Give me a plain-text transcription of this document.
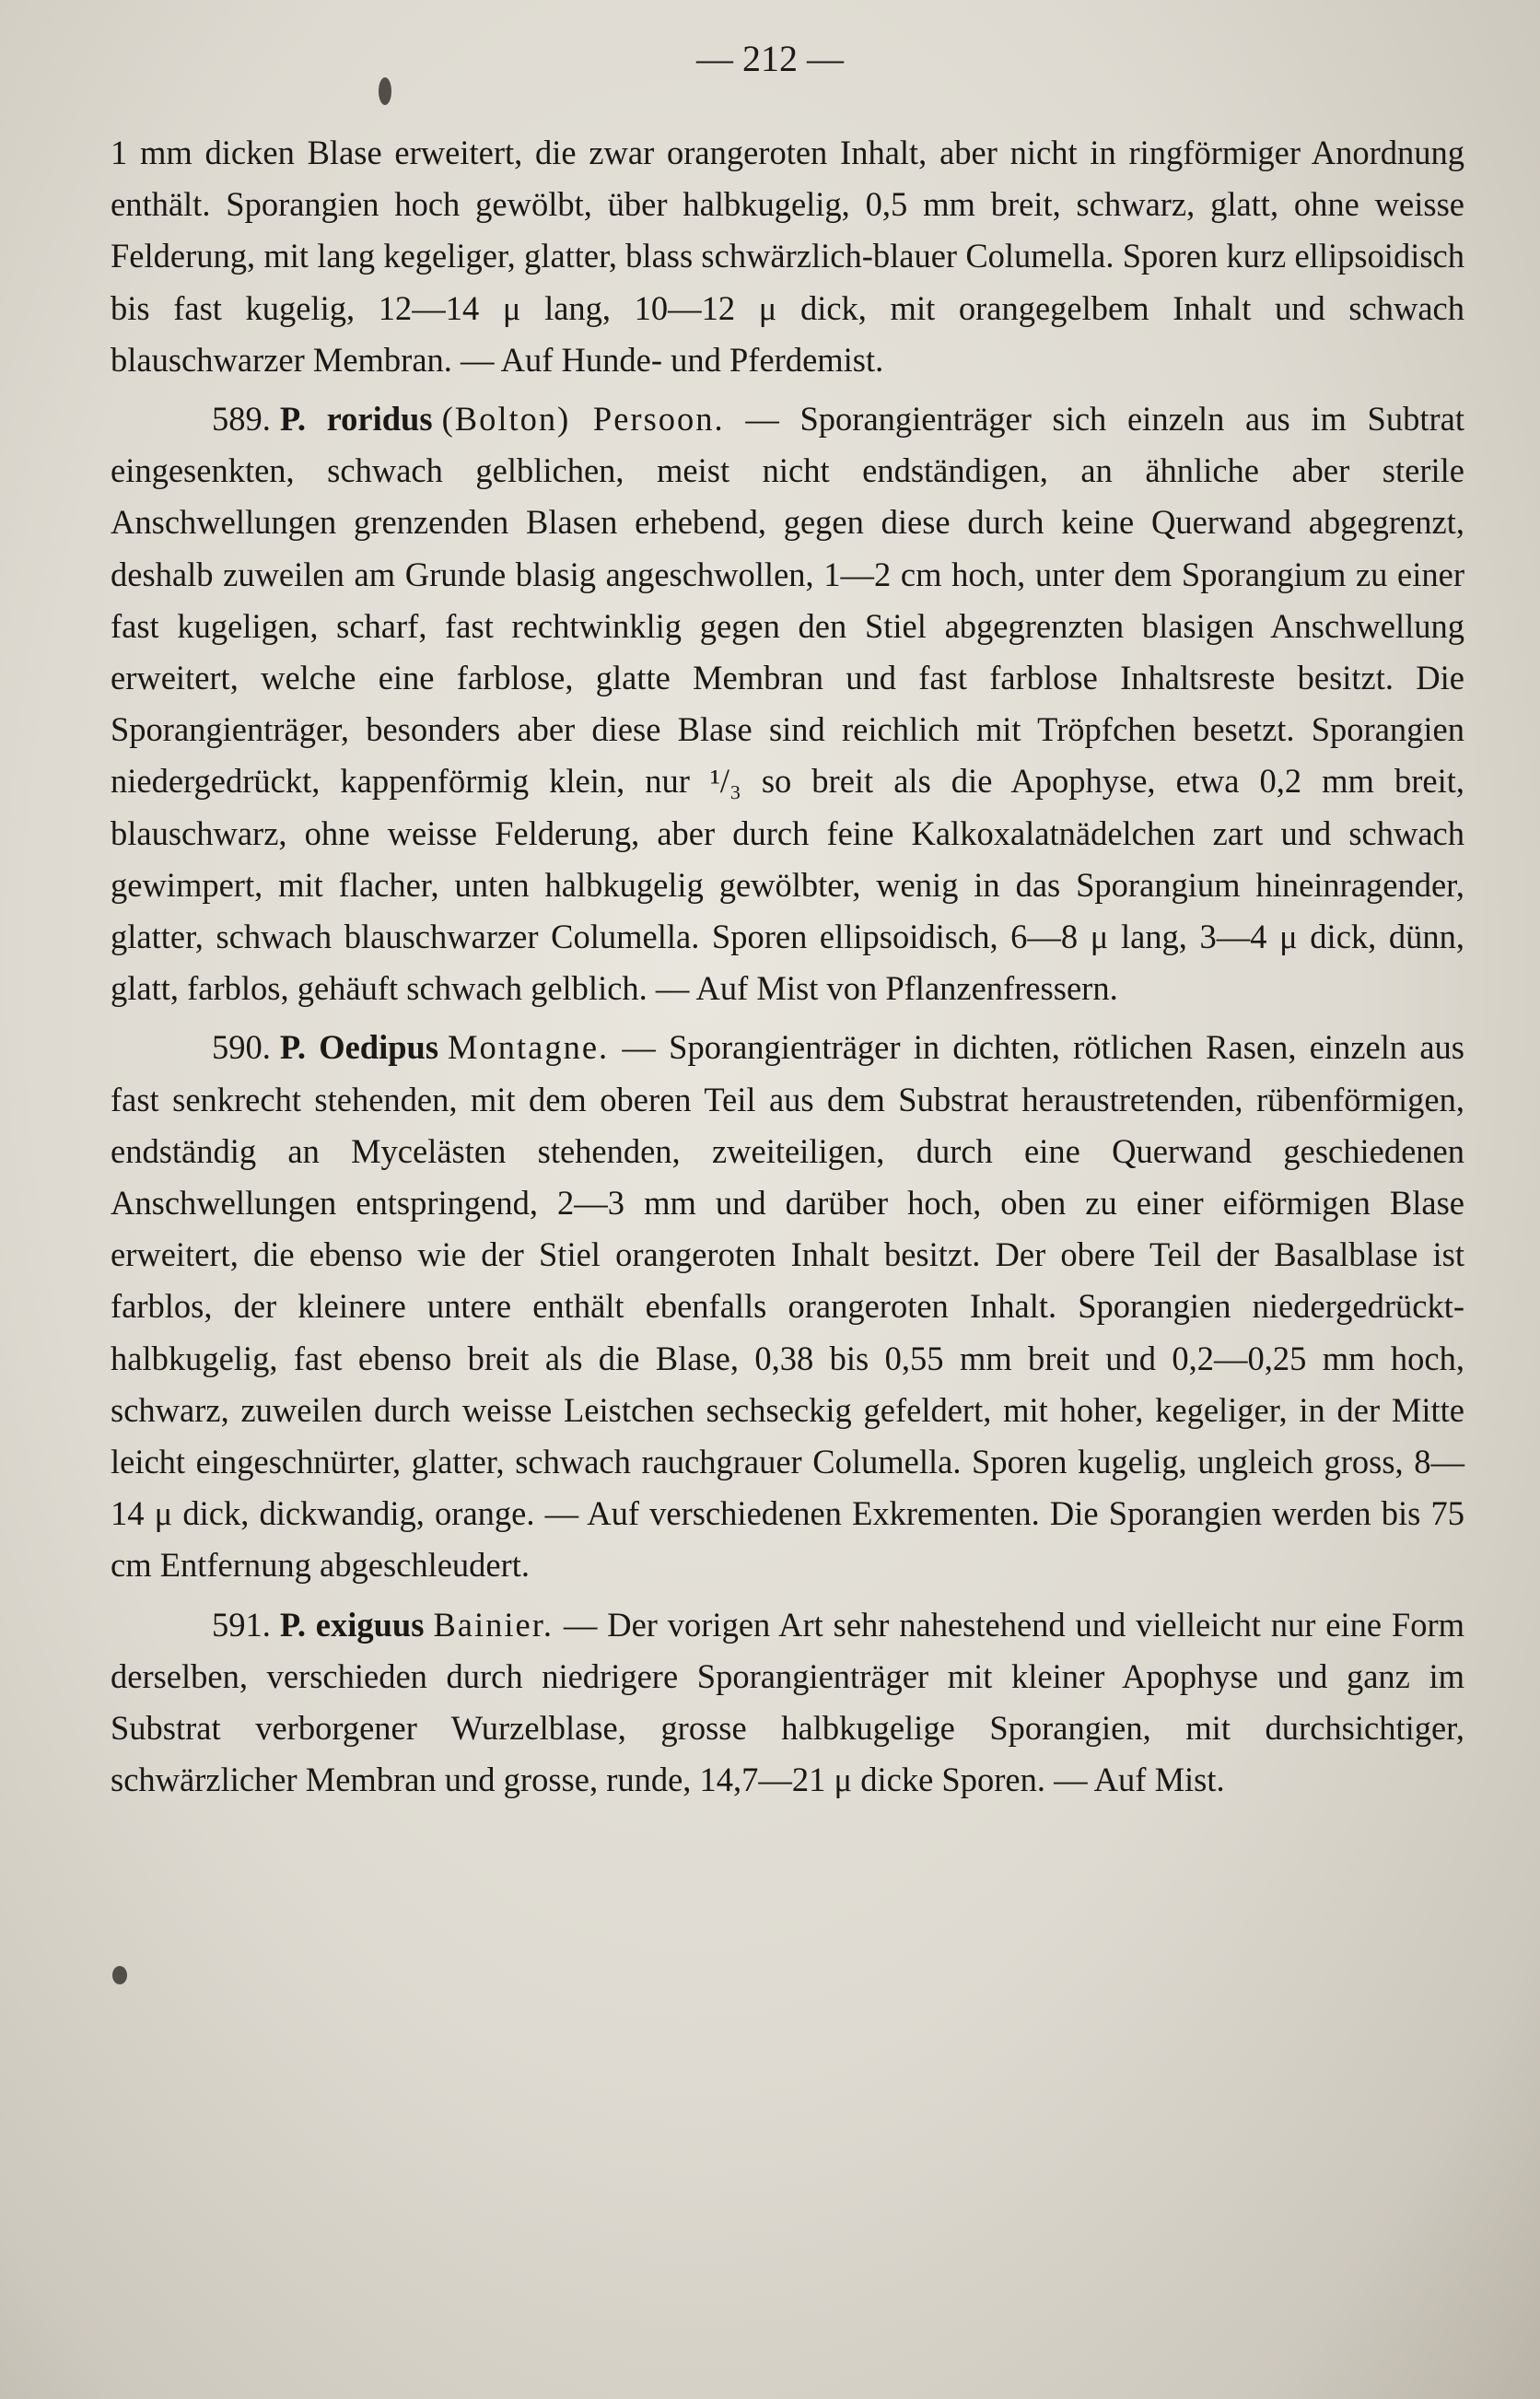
— 212 —

1 mm dicken Blase erweitert, die zwar orangeroten Inhalt, aber nicht in ringförmiger Anordnung enthält. Sporangien hoch gewölbt, über halbkugelig, 0,5 mm breit, schwarz, glatt, ohne weisse Felderung, mit lang kegeliger, glatter, blass schwärzlich-blauer Columella. Sporen kurz ellipsoidisch bis fast kugelig, 12—14 μ lang, 10—12 μ dick, mit orangegelbem Inhalt und schwach blauschwarzer Membran. — Auf Hunde- und Pferdemist.

589. P. roridus (Bolton) Persoon. — Sporangienträger sich einzeln aus im Subtrat eingesenkten, schwach gelblichen, meist nicht endständigen, an ähnliche aber sterile Anschwellungen grenzenden Blasen erhebend, gegen diese durch keine Querwand abgegrenzt, deshalb zuweilen am Grunde blasig angeschwollen, 1—2 cm hoch, unter dem Sporangium zu einer fast kugeligen, scharf, fast rechtwinklig gegen den Stiel abgegrenzten blasigen Anschwellung erweitert, welche eine farblose, glatte Membran und fast farblose Inhaltsreste besitzt. Die Sporangienträger, besonders aber diese Blase sind reichlich mit Tröpfchen besetzt. Sporangien niedergedrückt, kappenförmig klein, nur ¹/₃ so breit als die Apophyse, etwa 0,2 mm breit, blauschwarz, ohne weisse Felderung, aber durch feine Kalkoxalatnädelchen zart und schwach gewimpert, mit flacher, unten halbkugelig gewölbter, wenig in das Sporangium hineinragender, glatter, schwach blauschwarzer Columella. Sporen ellipsoidisch, 6—8 μ lang, 3—4 μ dick, dünn, glatt, farblos, gehäuft schwach gelblich. — Auf Mist von Pflanzenfressern.

590. P. Oedipus Montagne. — Sporangienträger in dichten, rötlichen Rasen, einzeln aus fast senkrecht stehenden, mit dem oberen Teil aus dem Substrat heraustretenden, rübenförmigen, endständig an Mycelästen stehenden, zweiteiligen, durch eine Querwand geschiedenen Anschwellungen entspringend, 2—3 mm und darüber hoch, oben zu einer eiförmigen Blase erweitert, die ebenso wie der Stiel orangeroten Inhalt besitzt. Der obere Teil der Basalblase ist farblos, der kleinere untere enthält ebenfalls orangeroten Inhalt. Sporangien niedergedrückt-halbkugelig, fast ebenso breit als die Blase, 0,38 bis 0,55 mm breit und 0,2—0,25 mm hoch, schwarz, zuweilen durch weisse Leistchen sechseckig gefeldert, mit hoher, kegeliger, in der Mitte leicht eingeschnürter, glatter, schwach rauchgrauer Columella. Sporen kugelig, ungleich gross, 8—14 μ dick, dickwandig, orange. — Auf verschiedenen Exkrementen. Die Sporangien werden bis 75 cm Entfernung abgeschleudert.

591. P. exiguus Bainier. — Der vorigen Art sehr nahestehend und vielleicht nur eine Form derselben, verschieden durch niedrigere Sporangienträger mit kleiner Apophyse und ganz im Substrat verborgener Wurzelblase, grosse halbkugelige Sporangien, mit durchsichtiger, schwärzlicher Membran und grosse, runde, 14,7—21 μ dicke Sporen. — Auf Mist.
